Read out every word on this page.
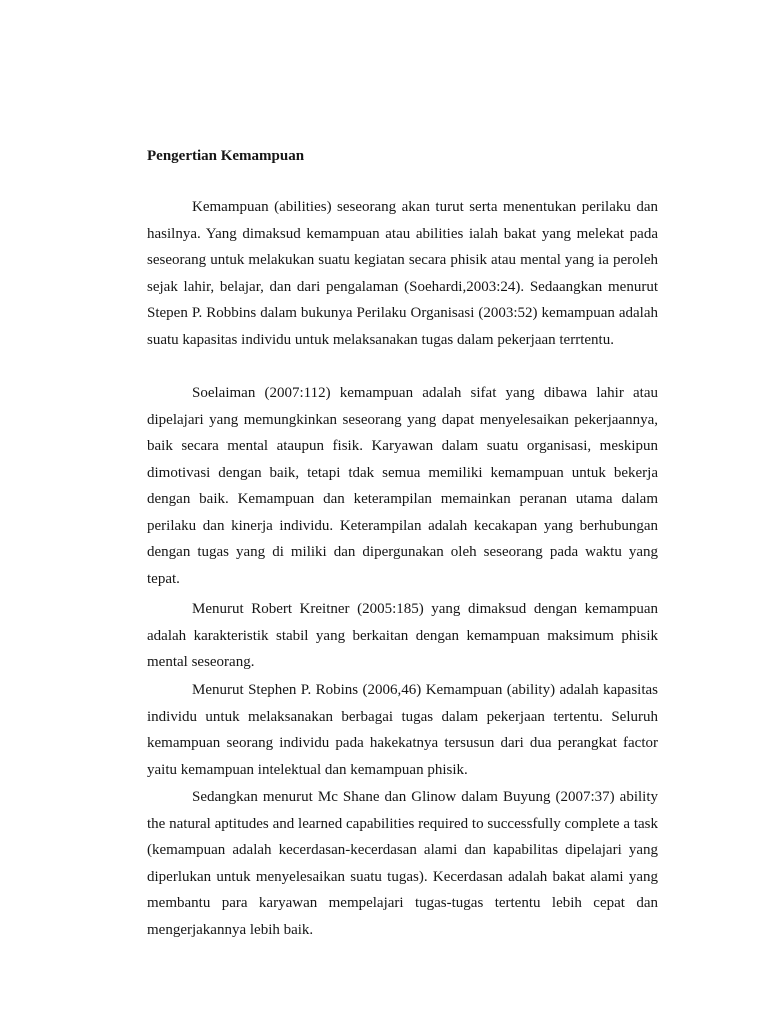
Pengertian Kemampuan

Kemampuan (abilities) seseorang akan turut serta menentukan perilaku dan hasilnya. Yang dimaksud kemampuan atau abilities ialah bakat yang melekat pada seseorang untuk melakukan suatu kegiatan secara phisik atau mental yang ia peroleh sejak lahir, belajar, dan dari pengalaman (Soehardi,2003:24). Sedaangkan menurut Stepen P. Robbins dalam bukunya Perilaku Organisasi (2003:52) kemampuan adalah suatu kapasitas individu untuk melaksanakan tugas dalam pekerjaan terrtentu.

Soelaiman (2007:112) kemampuan adalah sifat yang dibawa lahir atau dipelajari yang memungkinkan seseorang yang dapat menyelesaikan pekerjaannya, baik secara mental ataupun fisik. Karyawan dalam suatu organisasi, meskipun dimotivasi dengan baik, tetapi tdak semua memiliki kemampuan untuk bekerja dengan baik. Kemampuan dan keterampilan memainkan peranan utama dalam perilaku dan kinerja individu. Keterampilan adalah kecakapan yang berhubungan dengan tugas yang di miliki dan dipergunakan oleh seseorang pada waktu yang tepat.

Menurut Robert Kreitner (2005:185) yang dimaksud dengan kemampuan adalah karakteristik stabil yang berkaitan dengan kemampuan maksimum phisik mental seseorang.

Menurut Stephen P. Robins (2006,46) Kemampuan (ability) adalah kapasitas individu untuk melaksanakan berbagai tugas dalam pekerjaan tertentu. Seluruh kemampuan seorang individu pada hakekatnya tersusun dari dua perangkat factor yaitu kemampuan intelektual dan kemampuan phisik.

Sedangkan menurut Mc Shane dan Glinow dalam Buyung (2007:37) ability the natural aptitudes and learned capabilities required to successfully complete a task (kemampuan adalah kecerdasan-kecerdasan alami dan kapabilitas dipelajari yang diperlukan untuk menyelesaikan suatu tugas). Kecerdasan adalah bakat alami yang membantu para karyawan mempelajari tugas-tugas tertentu lebih cepat dan mengerjakannya lebih baik.
